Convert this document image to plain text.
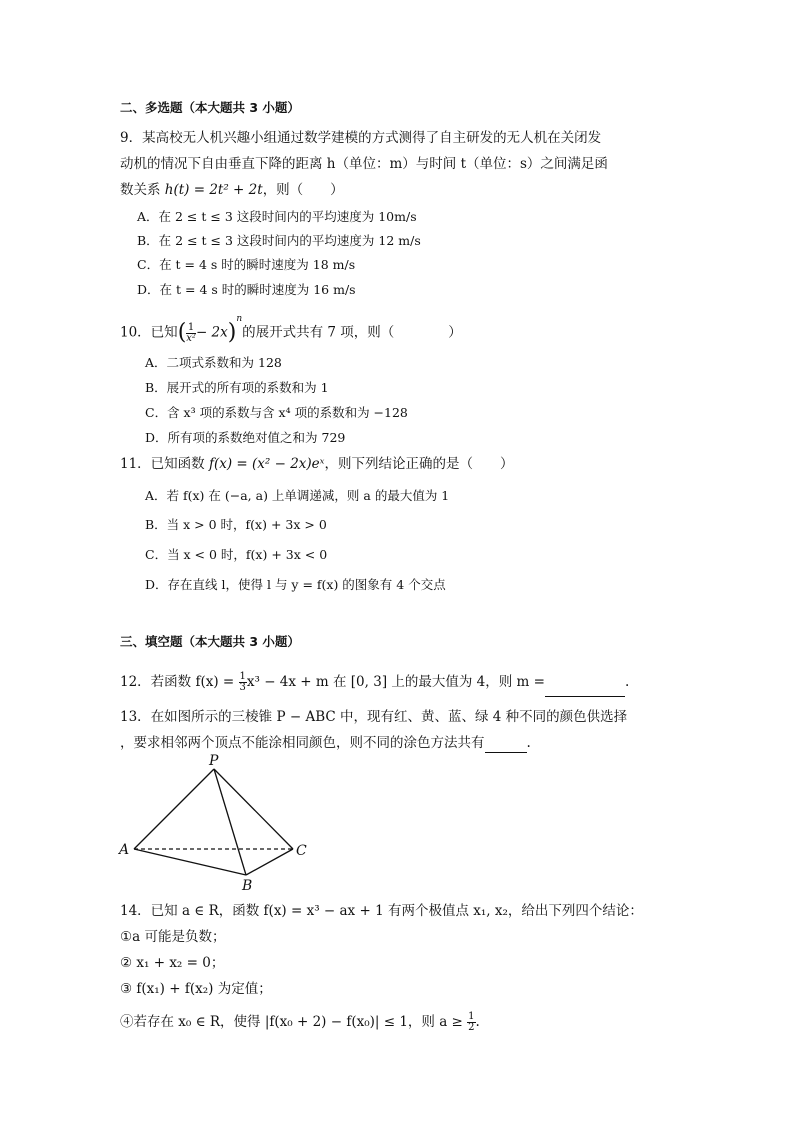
二、多选题（本大题共 3 小题）
9．某高校无人机兴趣小组通过数学建模的方式测得了自主研发的无人机在关闭发
动机的情况下自由垂直下降的距离 h（单位：m）与时间 t（单位：s）之间满足函
数关系 h(t) = 2t² + 2t，则（　　）
A．在 2 ≤ t ≤ 3 这段时间内的平均速度为 10m/s
B．在 2 ≤ t ≤ 3 这段时间内的平均速度为 12 m/s
C．在 t = 4 s 时的瞬时速度为 18 m/s
D．在 t = 4 s 时的瞬时速度为 16 m/s
10．已知( $\frac{1}{\text{x²}} - 2x)^n$的展开式共有 7 项，则（　　　　）
A．二项式系数和为 128
B．展开式的所有项的系数和为 1
C．含 x³ 项的系数与含 x⁴ 项的系数和为 −128
D．所有项的系数绝对值之和为 729
11．已知函数 f(x) = (x² − 2x)eˣ，则下列结论正确的是（　　）
A．若 f(x) 在 (−a, a) 上单调递减，则 a 的最大值为 1
B．当 x > 0 时，f(x) + 3x > 0
C．当 x < 0 时，f(x) + 3x < 0
D．存在直线 l，使得 l 与 y = f(x) 的图象有 4 个交点
三、填空题（本大题共 3 小题）
12．若函数 $f(x) = \frac{1}{3} x^3 - 4x + m$ 在 [0, 3] 上的最大值为 4，则 m =	.
13．在如图所示的三棱锥 P − ABC 中，现有红、黄、蓝、绿 4 种不同的颜色供选择
，要求相邻两个顶点不能涂相同颜色，则不同的涂色方法共有	.
P
A
B
C
14．已知 a ∈ R，函数 f(x) = x³ − ax + 1 有两个极值点 x₁, x₂，给出下列四个结论：
①a 可能是负数；
② x₁ + x₂ = 0；
③ f(x₁) + f(x₂) 为定值；
④若存在 x₀ ∈ R，使得 |f(x₀ + 2) − f(x₀)| ≤ 1，则 $a \ge \frac{1}{2}$ .
